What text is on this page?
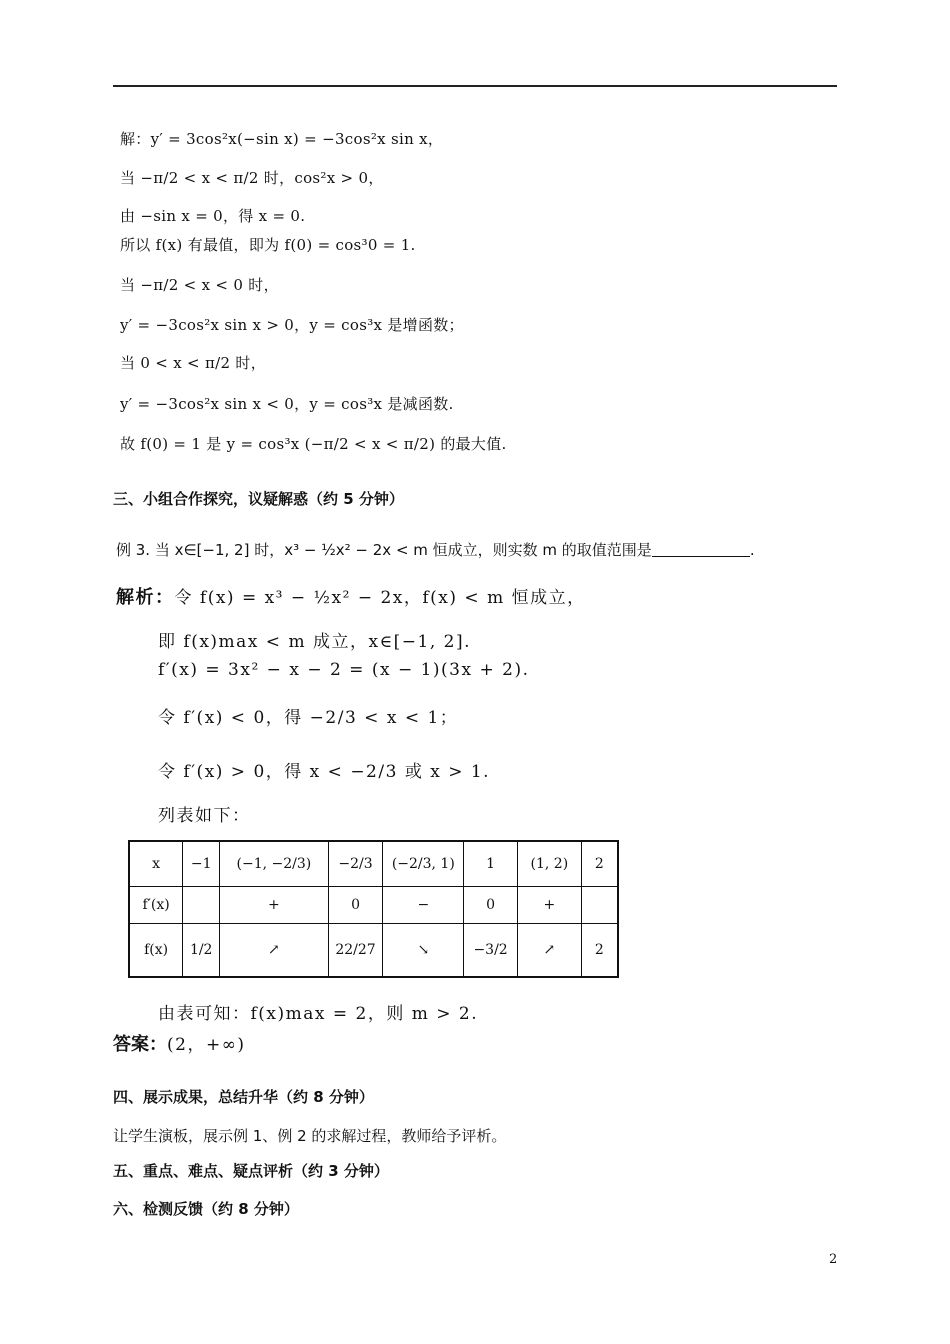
解：y′ = 3cos²x(−sin x) = −3cos²x sin x，
当 −π/2 < x < π/2 时，cos²x > 0，
由 −sin x = 0，得 x = 0.
所以 f(x) 有最值，即为 f(0) = cos³0 = 1.
当 −π/2 < x < 0 时，
y′ = −3cos²x sin x > 0，y = cos³x 是增函数；
当 0 < x < π/2 时，
y′ = −3cos²x sin x < 0，y = cos³x 是减函数.
故 f(0) = 1 是 y = cos³x (−π/2 < x < π/2) 的最大值.
三、小组合作探究，议疑解惑（约 5 分钟）
例 3. 当 x∈[−1, 2] 时，x³ − ½x² − 2x < m 恒成立，则实数 m 的取值范围是	.
解析：令 f(x) = x³ − ½x² − 2x，f(x) < m 恒成立，
即 f(x)max < m 成立，x∈[−1, 2].
f′(x) = 3x² − x − 2 = (x − 1)(3x + 2).
令 f′(x) < 0，得 −2/3 < x < 1；
令 f′(x) > 0，得 x < −2/3 或 x > 1.
列表如下：
x	−1	(−1, −2/3)	−2/3	(−2/3, 1)	1	(1, 2)	2
f′(x)		+	0	−	0	+	
f(x)	1/2	↗	22/27	↘	−3/2	↗	2
由表可知：f(x)max = 2，则 m > 2.
答案：(2，+∞)
四、展示成果，总结升华（约 8 分钟）
让学生演板，展示例 1、例 2 的求解过程，教师给予评析。
五、重点、难点、疑点评析（约 3 分钟）
六、检测反馈（约 8 分钟）
2
